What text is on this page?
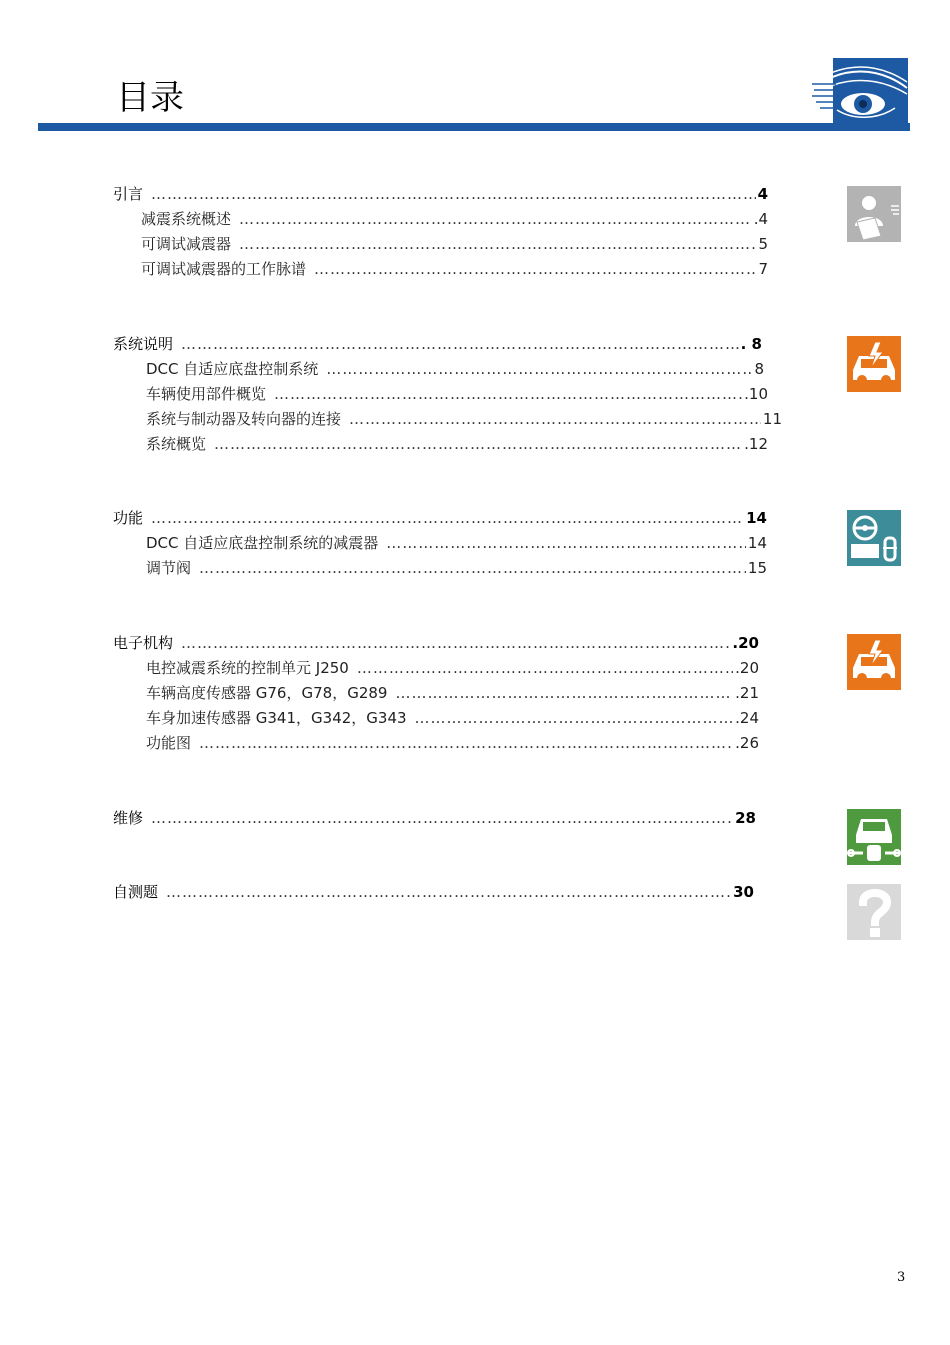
目录
引言 ………………………………………………………………………………………………………………………………………………………………………	4
减震系统概述 ………………………………………………………………………………………………………………………………………………………………………	.4
可调试减震器 ………………………………………………………………………………………………………………………………………………………………………	5
可调试减震器的工作脉谱 ………………………………………………………………………………………………………………………………………………………………………	7
系统说明 ………………………………………………………………………………………………………………………………………………………………………	. 8
DCC 自适应底盘控制系统 ………………………………………………………………………………………………………………………………………………………………………	8
车辆使用部件概览 ………………………………………………………………………………………………………………………………………………………………………	.10
系统与制动器及转向器的连接 ………………………………………………………………………………………………………………………………………………………………………	11
系统概览 ………………………………………………………………………………………………………………………………………………………………………	.12
功能 ………………………………………………………………………………………………………………………………………………………………………	14
DCC 自适应底盘控制系统的减震器 ………………………………………………………………………………………………………………………………………………………………………	14
调节阀 ………………………………………………………………………………………………………………………………………………………………………	15
电子机构 ………………………………………………………………………………………………………………………………………………………………………	.20
电控减震系统的控制单元 J250 ………………………………………………………………………………………………………………………………………………………………………	.20
车辆高度传感器 G76，G78，G289 ………………………………………………………………………………………………………………………………………………………………………	.21
车身加速传感器 G341，G342，G343 ………………………………………………………………………………………………………………………………………………………………………	.24
功能图 ………………………………………………………………………………………………………………………………………………………………………	.26
维修 ………………………………………………………………………………………………………………………………………………………………………	28
自测题 ………………………………………………………………………………………………………………………………………………………………………	30
3
